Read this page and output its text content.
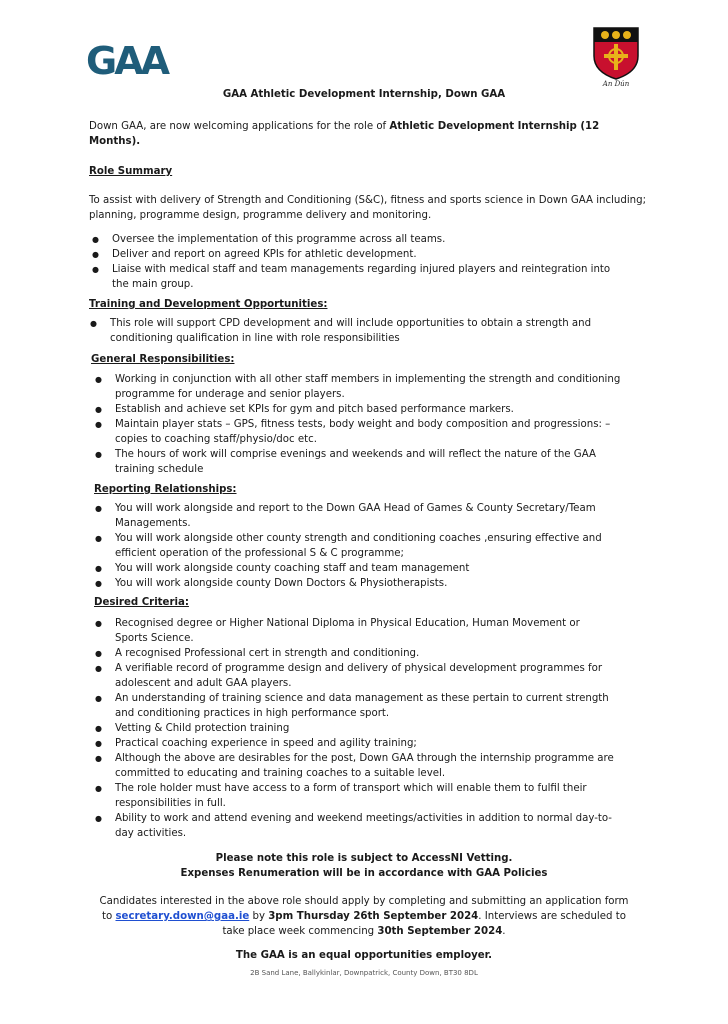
GAA
An Dún
GAA Athletic Development Internship, Down GAA

Down GAA, are now welcoming applications for the role of Athletic Development Internship (12 Months).

Role Summary

To assist with delivery of Strength and Conditioning (S&C), fitness and sports science in Down GAA including; planning, programme design, programme delivery and monitoring.

● Oversee the implementation of this programme across all teams.
● Deliver and report on agreed KPIs for athletic development.
● Liaise with medical staff and team managements regarding injured players and reintegration into the main group.

Training and Development Opportunities:

● This role will support CPD development and will include opportunities to obtain a strength and conditioning qualification in line with role responsibilities

General Responsibilities:

● Working in conjunction with all other staff members in implementing the strength and conditioning programme for underage and senior players.
● Establish and achieve set KPIs for gym and pitch based performance markers.
● Maintain player stats – GPS, fitness tests, body weight and body composition and progressions: – copies to coaching staff/physio/doc etc.
● The hours of work will comprise evenings and weekends and will reflect the nature of the GAA training schedule

Reporting Relationships:

● You will work alongside and report to the Down GAA Head of Games & County Secretary/Team Managements.
● You will work alongside other county strength and conditioning coaches ,ensuring effective and efficient operation of the professional S & C programme;
● You will work alongside county coaching staff and team management
● You will work alongside county Down Doctors & Physiotherapists.

Desired Criteria:

● Recognised degree or Higher National Diploma in Physical Education, Human Movement or Sports Science.
● A recognised Professional cert in strength and conditioning.
● A verifiable record of programme design and delivery of physical development programmes for adolescent and adult GAA players.
● An understanding of training science and data management as these pertain to current strength and conditioning practices in high performance sport.
● Vetting & Child protection training
● Practical coaching experience in speed and agility training;
● Although the above are desirables for the post, Down GAA through the internship programme are committed to educating and training coaches to a suitable level.
● The role holder must have access to a form of transport which will enable them to fulfil their responsibilities in full.
● Ability to work and attend evening and weekend meetings/activities in addition to normal day-to-day activities.

Please note this role is subject to AccessNI Vetting.

Expenses Renumeration will be in accordance with GAA Policies

Candidates interested in the above role should apply by completing and submitting an application form to secretary.down@gaa.ie by 3pm Thursday 26th September 2024. Interviews are scheduled to take place week commencing 30th September 2024.

The GAA is an equal opportunities employer.

2B Sand Lane, Ballykinlar, Downpatrick, County Down, BT30 8DL
